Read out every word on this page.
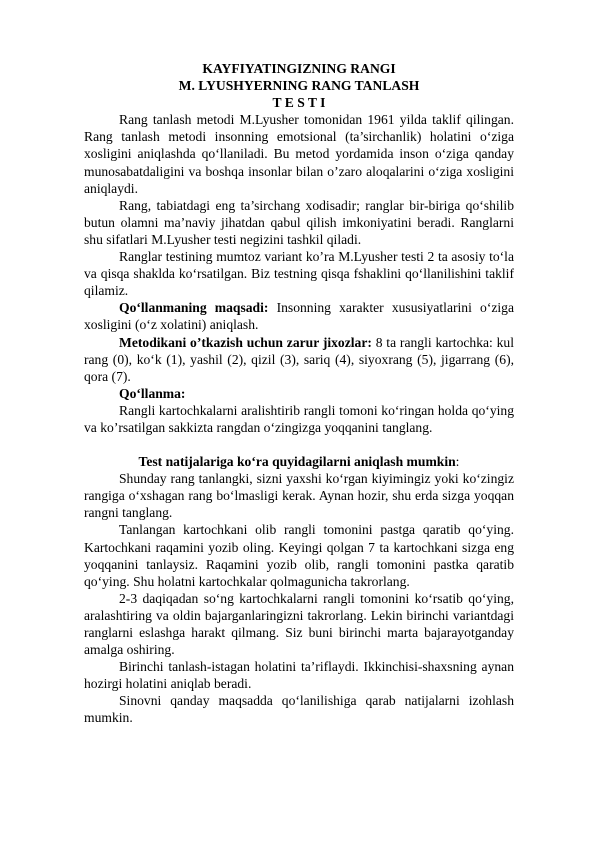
KAYFIYATINGIZNING RANGI

M. LYUSHYERNING RANG TANLASH

T E S T I

Rang tanlash metodi M.Lyusher tomonidan 1961 yilda taklif qilingan. Rang tanlash metodi insonning emotsional (ta’sirchanlik) holatini o‘ziga xosligini aniqlashda qo‘llaniladi. Bu metod yordamida inson o‘ziga qanday munosabatdaligini va boshqa insonlar bilan o’zaro aloqalarini o‘ziga xosligini aniqlaydi.

Rang, tabiatdagi eng ta’sirchang xodisadir; ranglar bir-biriga qo‘shilib butun olamni ma’naviy jihatdan qabul qilish imkoniyatini beradi. Ranglarni shu sifatlari M.Lyusher testi negizini tashkil qiladi.

Ranglar testining mumtoz variant ko’ra M.Lyusher testi 2 ta asosiy to‘la va qisqa shaklda ko‘rsatilgan. Biz testning qisqa fshaklini qo‘llanilishini taklif qilamiz.

Qo‘llanmaning maqsadi: Insonning xarakter xususiyatlarini o‘ziga xosligini (o‘z xolatini) aniqlash.

Metodikani o’tkazish uchun zarur jixozlar: 8 ta rangli kartochka: kul rang (0), ko‘k (1), yashil (2), qizil (3), sariq (4), siyoxrang (5), jigarrang (6), qora (7).

Qo‘llanma:

Rangli kartochkalarni aralishtirib rangli tomoni ko‘ringan holda qo‘ying va ko’rsatilgan sakkizta rangdan o‘zingizga yoqqanini tanglang.

Test natijalariga ko‘ra quyidagilarni aniqlash mumkin:

Shunday rang tanlangki, sizni yaxshi ko‘rgan kiyimingiz yoki ko‘zingiz rangiga o‘xshagan rang bo‘lmasligi kerak. Aynan hozir, shu erda sizga yoqqan rangni tanglang.

Tanlangan kartochkani olib rangli tomonini pastga qaratib qo‘ying. Kartochkani raqamini yozib oling. Keyingi qolgan 7 ta kartochkani sizga eng yoqqanini tanlaysiz. Raqamini yozib olib, rangli tomonini pastka qaratib qo‘ying. Shu holatni kartochkalar qolmagunicha takrorlang.

2-3 daqiqadan so‘ng kartochkalarni rangli tomonini ko‘rsatib qo‘ying, aralashtiring va oldin bajarganlaringizni takrorlang. Lekin birinchi variantdagi ranglarni eslashga harakt qilmang. Siz buni birinchi marta bajarayotganday amalga oshiring.

Birinchi tanlash-istagan holatini ta’riflaydi. Ikkinchisi-shaxsning aynan hozirgi holatini aniqlab beradi.

Sinovni qanday maqsadda qo‘lanilishiga qarab natijalarni izohlash mumkin.
